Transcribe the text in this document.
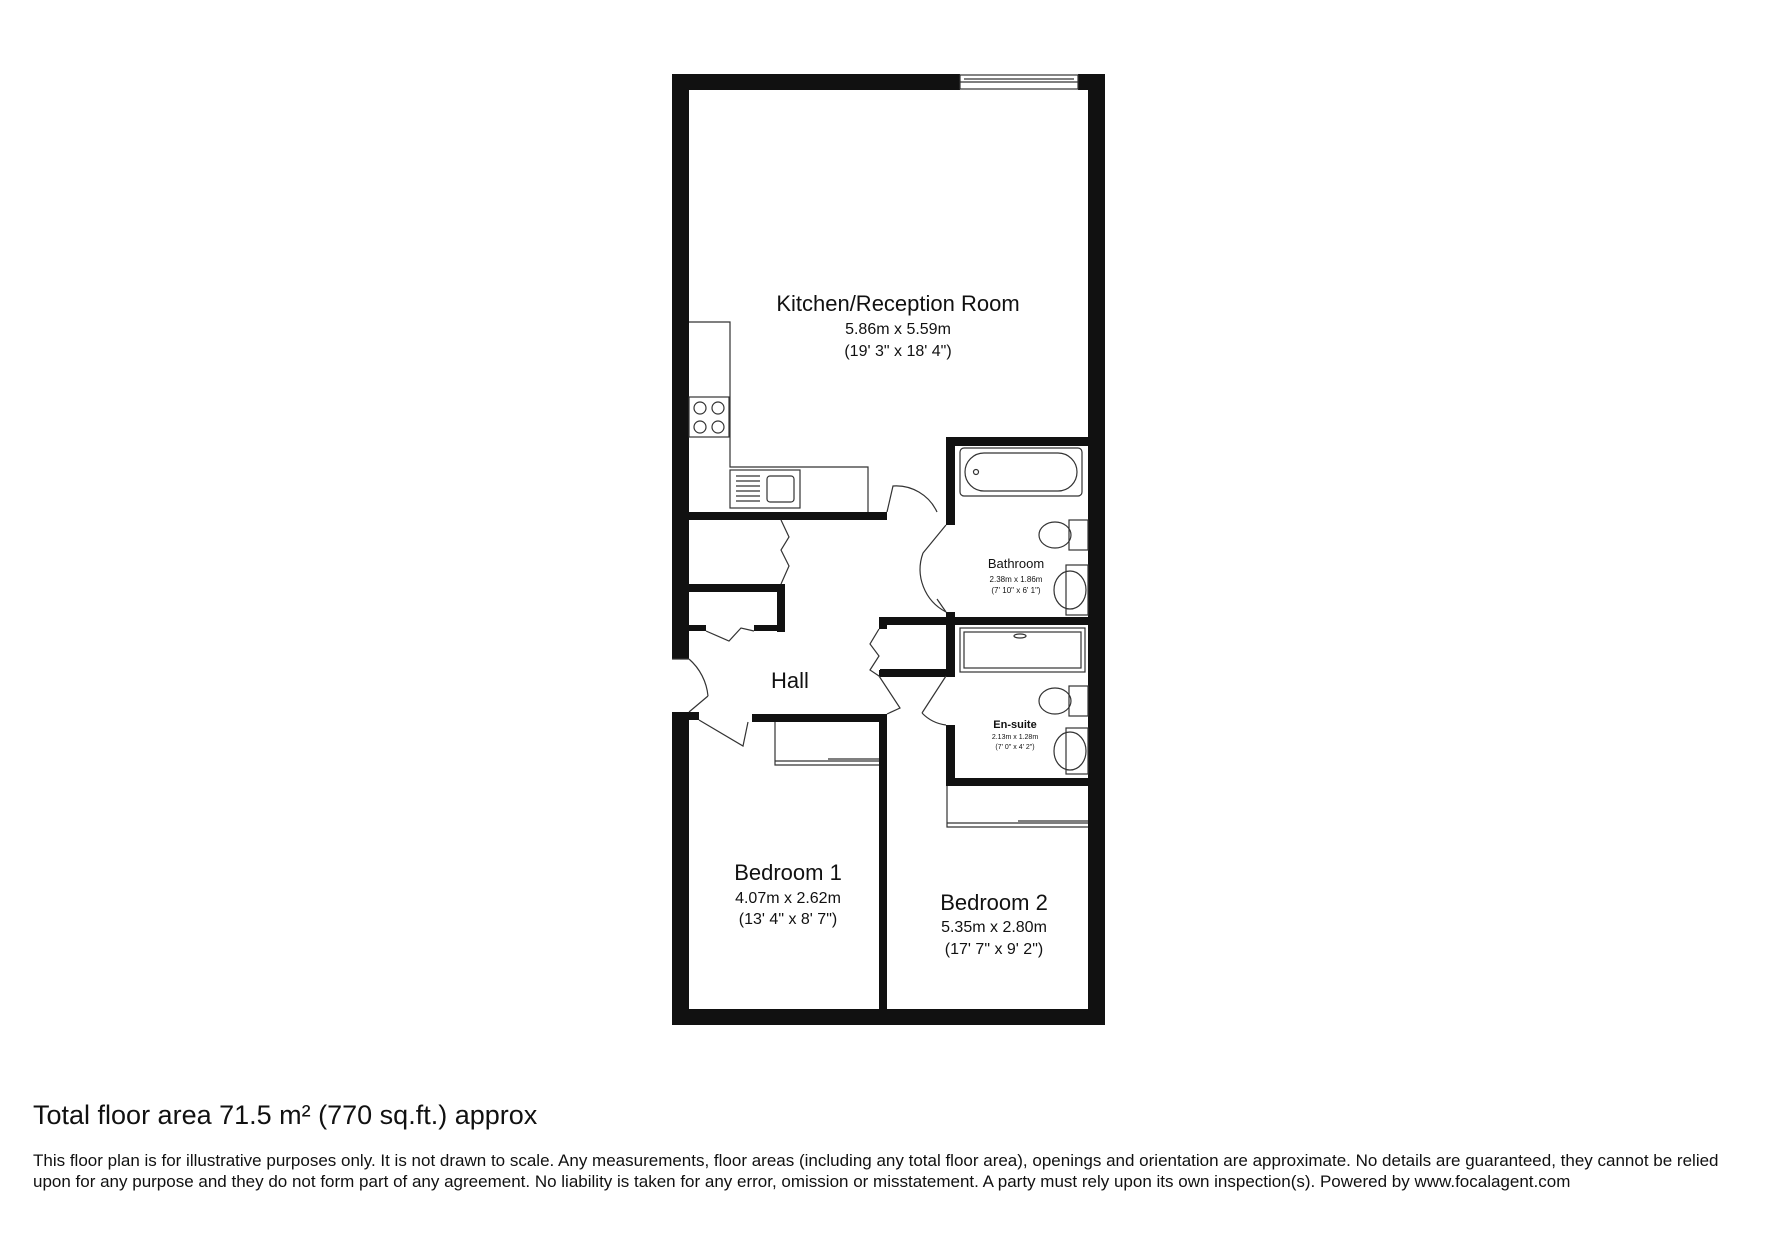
Kitchen/Reception Room
5.86m x 5.59m
(19' 3" x 18' 4")
Bathroom
2.38m x 1.86m
(7' 10" x 6' 1")
Hall
En-suite
2.13m x 1.28m
(7' 0" x 4' 2")
Bedroom 1
4.07m x 2.62m
(13' 4" x 8' 7")
Bedroom 2
5.35m x 2.80m
(17' 7" x 9' 2")
Total floor area 71.5 m² (770 sq.ft.) approx

This floor plan is for illustrative purposes only. It is not drawn to scale. Any measurements, floor areas (including any total floor area), openings and orientation are approximate. No details are guaranteed, they cannot be relied upon for any purpose and they do not form part of any agreement. No liability is taken for any error, omission or misstatement. A party must rely upon its own inspection(s). Powered by www.focalagent.com
